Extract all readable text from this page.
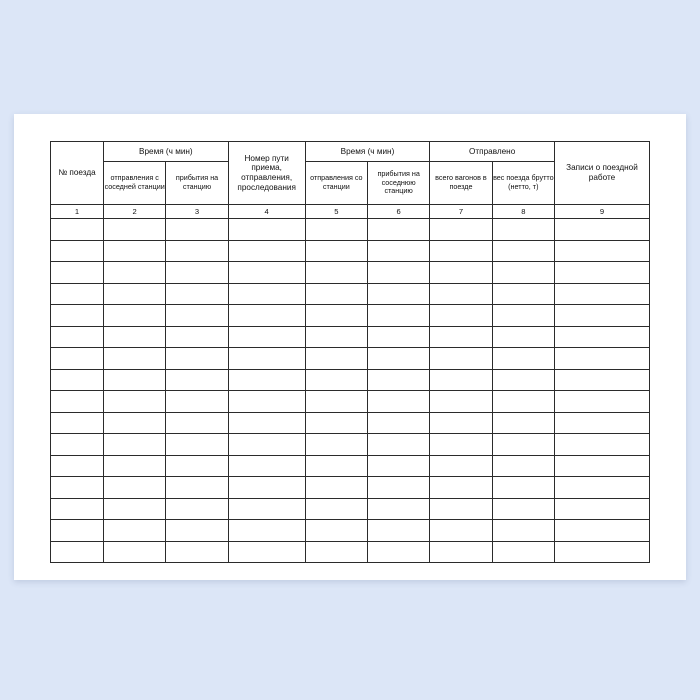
№ поезда	Время (ч мин)		Номер пути приема, отправления, проследования	Время (ч мин)		Отправлено		Записи о поездной работе
	отправления с соседней станции	прибытия на станцию		отправления со станции	прибытия на соседнюю станцию	всего вагонов в поезде	вес поезда брутто (нетто, т)	
1	2	3	4	5	6	7	8	9
